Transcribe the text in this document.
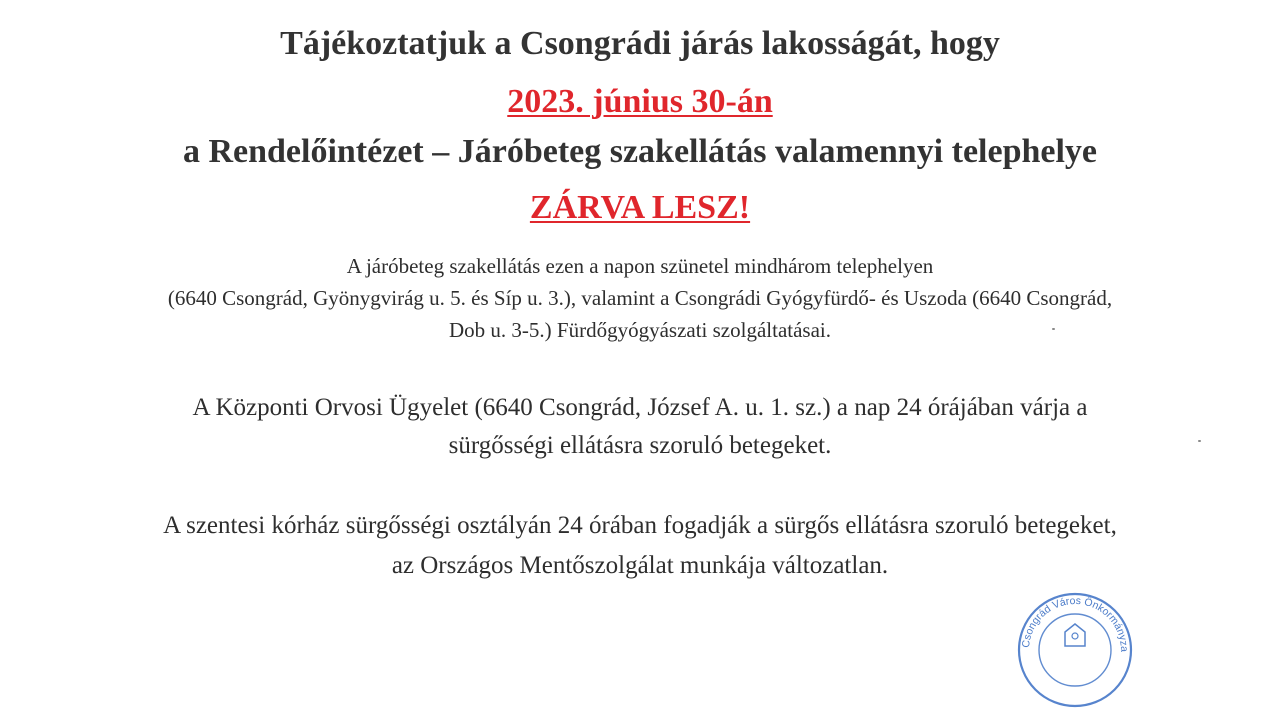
Tájékoztatjuk a Csongrádi járás lakosságát, hogy
2023. június 30-án
a Rendelőintézet – Járóbeteg szakellátás valamennyi telephelye
ZÁRVA LESZ!
A járóbeteg szakellátás ezen a napon szünetel mindhárom telephelyen
(6640 Csongrád, Gyönygvirág u. 5. és Síp u. 3.), valamint a Csongrádi Gyógyfürdő- és Uszoda (6640 Csongrád,
Dob u. 3-5.) Fürdőgyógyászati szolgáltatásai.
A Központi Orvosi Ügyelet (6640 Csongrád, József A. u. 1. sz.) a nap 24 órájában várja a
sürgősségi ellátásra szoruló betegeket.
A szentesi kórház sürgősségi osztályán 24 órában fogadják a sürgős ellátásra szoruló betegeket,
az Országos Mentőszolgálat munkája változatlan.
Csongrád Város Önkormányza
